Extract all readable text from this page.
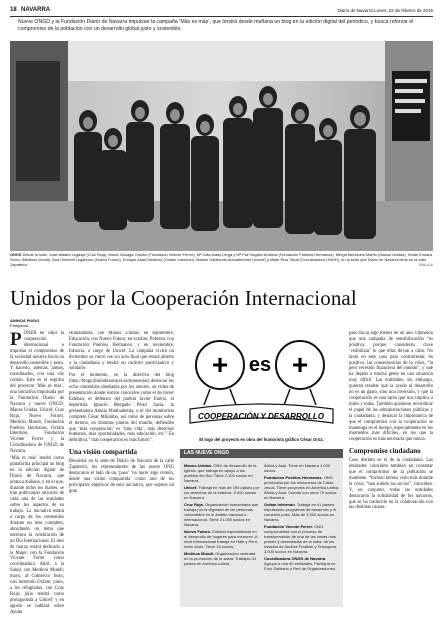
18 NAVARRA	Diario de Navarra Lunes, 22 de febrero de 2016
Nueve ONGD y la Fundación Diario de Navarra impulsan la campaña ‘Más es más’, que tendrá desde mañana un blog en la edición digital del periódico, y busca reforzar el compromiso de la población con un desarrollo global justo y sostenible.
ONGS Desde la izda.: José Aldaba Legaspi (Cruz Roja), María Zuloaga Orozko (Fundación Vicente Ferrer), Mª Julia Alday Lerga y Mª Paz Sagües Arrazoa (Fundación Pueblos Hermanos), Merga Menduine Martín (Manos Unidas), Vivian Endara Romo (Medicus Mundi), Ana Olmendi Legarburu (Nuevo Futuro), Enrique Abad Martínez (Oxfam Intermón), Máster Gabilondo Arimatberretz (Unicef) y Maite Ruiz Tabar (Coordinadora ONGD), en la sede que Diario de Navarra tiene en la calle Zapatería.	PAULA AI
Unidos por la Cooperación Internacional
AINHOA PIUDO
Pamplona

PONER en valor la cooperación internacional e impulsar el compromiso de la sociedad navarra hacia un desarrollo sostenible y justo. Y hacerlo, además, juntos, coordinados, con una voz común. Este es el espíritu del proyecto ‘Más es más’, una iniciativa impulsada por la Fundación Diario de Navarra y nueve ONGD: Manos Unidas, Unicef, Cruz Roja, Nuevo Futuro, Medicus Mundi, Fundación Pueblos Hermanos, Oxfam Intermón, Fundación Vicente Ferrer y la Coordinadora de ONGD de Navarra.

‘Más es más’ tendrá como plataforma principal un blog en la edición digital de Diario de Navarra, que arranca mañana, y en el que, durante todos los martes, se irán publicando artículos de cada una de las entidades sobre los aspectos de su trabajo. La iniciativa estará a cargo de los contenidos durante un mes completo, abordando un tema que entronca la celebración de un Día Internacional. El mes de marzo estará dedicado a la Mujer, con la Fundación Vicente Ferrer como coordinadora. Abril, a la Salud, con Medicus Mundi; mayo, al Comercio Justo, con Intermón Oxfam; junio, a los refugiados, con Cruz Roja; julio tendrá como protagonista a Unicef; y en agosto se hablará sobre Ayuda

Humanitaria, con Manos Unidas; en septiembre, Educación, con Nuevo Futuro; en octubre, Pobreza, con Fundación Pueblos Hermanos, y en noviembre, Infancia, a cargo de Unicef. La campaña vivirá un diciembre su cierre con un acto final que estará abierto a la ciudadanía y tendrá un carácter participativo y solidario.

Por el momento, en la directiva del blog (http://blogs.diariodenavarra.es/masesmas) destacan los ocho contenidos diseñados por los autores, un video de presentación donde rostros conocidos como el de Javier Esteban, el defensor del pueblo Javier Enériz, el deportista Ignacio Morgado Pérez Sarsa, la presentadora Amaia Madinabeitia, o el del monitorista completo César Milumbo, así como de personas sobre el terreno, en distintos puntos del mundo, defienden que ‘más cooperación’ es ‘más vida’, más derechos humanos, más oportunidades, más educación, etc.” En definitiva, “más cooperación es más futuro”.

Una visión compartida

Reunidos en la sede de Diario de Navarra de la calle Zapatería, los representantes de las nueve ONG destacaron el lado de un ‘paso’ ‘no hacer algo común, desde una visión compartida’ como uno de los principales objetivos de esta iniciativa, que supone un gran

+ es +
COOPERACIÓN Y DESARROLLO
El logo del proyecto es obra del humorista gráfico César Oroz.
LAS NUEVE ONGD

Manos Unidas. ONG de desarrollo de la Iglesia, que trabaja en apoyo a los pueblos del Sur. Tiene 2.100 socios en Navarra.

Unicef. Trabaja en más de 190 países por los derechos de la infancia. 5.000 socios en Navarra.

Cruz Roja. Organización humanitaria que trabaja por la dignidad de las personas vulnerables en el ámbito nacional e internacional. Tiene 21.000 socios en Navarra.

Nuevo Futuro. Entidad especializada en el desarrollo de hogares para menores. A nivel internacional trabaja en Haití y Perú, entre otros. Tiene 15 socios.

Medicus Mundi. Organización centrada en la promoción de la salud. Trabajan 31 países de América Latina,

África y Asia. Tiene en Navarra 1.000 socios.

Fundación Pueblos Hermanos. ONG promovida por los misioneros de Cristo Jesús. Tiene proyectos en América Latina, África y Asia. Cuenta con unos 70 socios en Navarra.

Oxfam Intermón. Trabaja en 41 países impulsando programas de desarrollo y el comercio justo. Más de 2.000 socios en Navarra.

Fundación Vicente Ferrer. ONG comprometida con el proceso de transformación de una de las zonas más pobres y necesitadas de la India, de los estados de Andhra Pradesh y Telangana. 3.000 socios en Navarra.

Coordinadora ONGD de Navarra. Agrupa a una 60 entidades. Participa en Foro Solidario y Red de Organizaciones.

paso hacia algo menos de un año. Opinaron que una campaña de sensibilización “es positiva, porque consideran clave ‘visibilizar’ lo que ellas llevan a cabo. No tanto en este caso para contrarrestar, en positivo, las consecuencias de la crisis, “la peor recesión financiera del mundo”, y que ha dejado a mucha gente en una situación muy difícil. Las entidades, sin embargo, quieren resaltar que la ayuda al desarrollo no es un gasto, sino una inversión, y que la cooperación es una tarea que nos implica a todos y todas. También quisieron reivindicar el papel de las administraciones públicas y la ciudadanía, y destacar la importancia de que el compromiso con la cooperación se mantenga en el tiempo, especialmente en los momentos más difíciles, en los que la cooperación es más necesaria que nunca.

Compromiso ciudadano

Caso distinto es el de la ciudadanía. Las entidades coinciden también en constatar que el compromiso de la población se mantiene. “Incluso hemos visto más durante la crisis, “han subido los socios”, coinciden. Y, en conjunto, todas las entidades destacaron la solidaridad de los navarros, que se ha traducido en la colaboración con las distintas causas.
